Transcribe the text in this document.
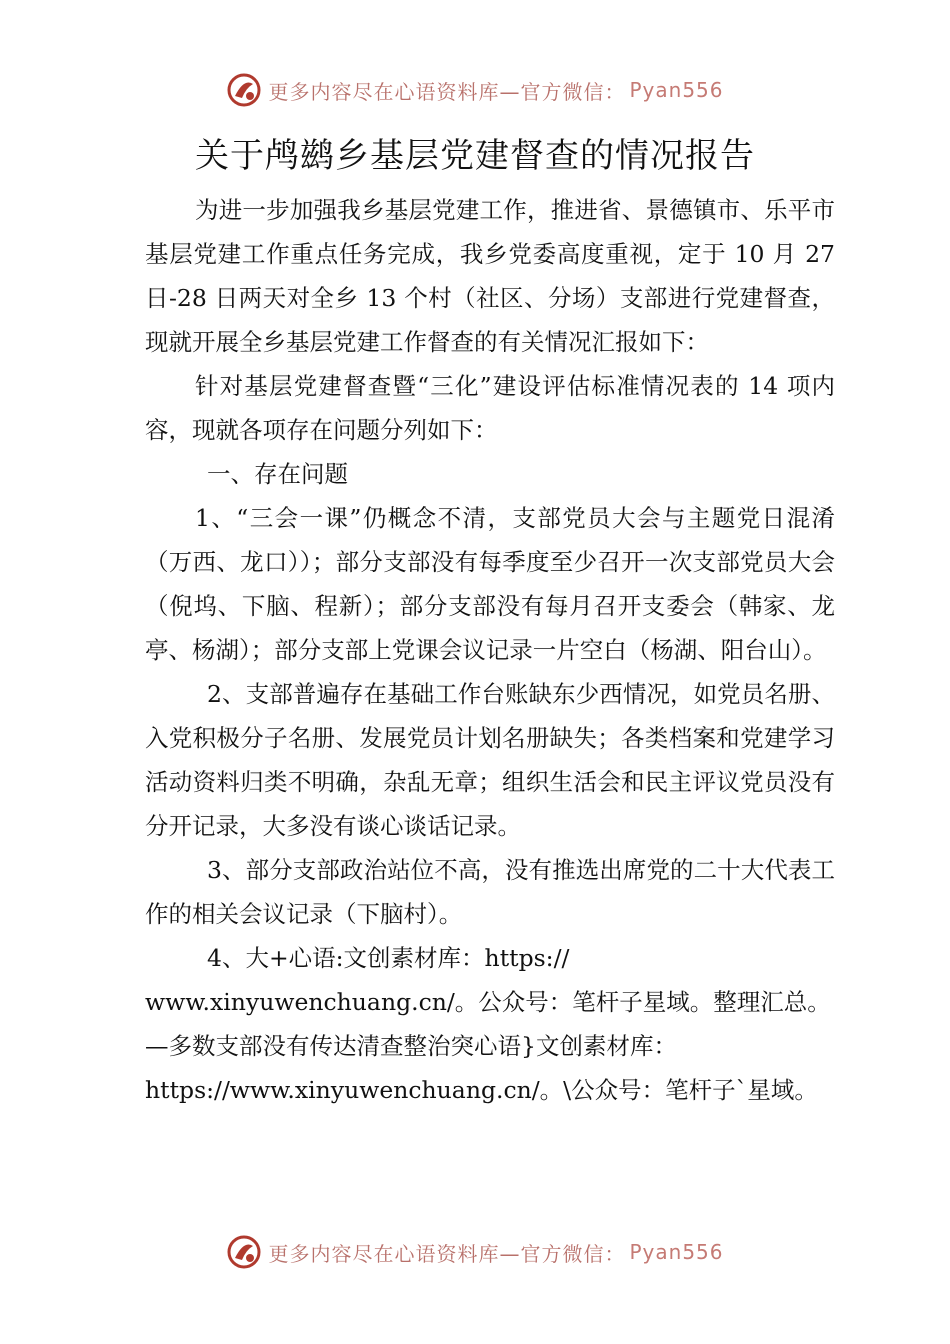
更多内容尽在心语资料库—官方微信： Pyan556
关于鸬鹚乡基层党建督查的情况报告

为进一步加强我乡基层党建工作，推进省、景德镇市、乐平市基层党建工作重点任务完成，我乡党委高度重视，定于 10 月 27 日-28 日两天对全乡 13 个村（社区、分场）支部进行党建督查，现就开展全乡基层党建工作督查的有关情况汇报如下：

针对基层党建督查暨“三化”建设评估标准情况表的 14 项内容，现就各项存在问题分列如下：

一、存在问题

1、“三会一课”仍概念不清，支部党员大会与主题党日混淆（万西、龙口））；部分支部没有每季度至少召开一次支部党员大会（倪坞、下脑、程新）；部分支部没有每月召开支委会（韩家、龙亭、杨湖）；部分支部上党课会议记录一片空白（杨湖、阳台山）。

2、支部普遍存在基础工作台账缺东少西情况，如党员名册、入党积极分子名册、发展党员计划名册缺失；各类档案和党建学习活动资料归类不明确，杂乱无章；组织生活会和民主评议党员没有分开记录，大多没有谈心谈话记录。

3、部分支部政治站位不高，没有推选出席党的二十大代表工作的相关会议记录（下脑村）。

4、大+心语:文创素材库：https://

www.xinyuwenchuang.cn/。公众号：笔杆子星域。整理汇总。

—多数支部没有传达清查整治突心语}文创素材库：

https://www.xinyuwenchuang.cn/。\公众号：笔杆子`星域。

更多内容尽在心语资料库—官方微信： Pyan556
